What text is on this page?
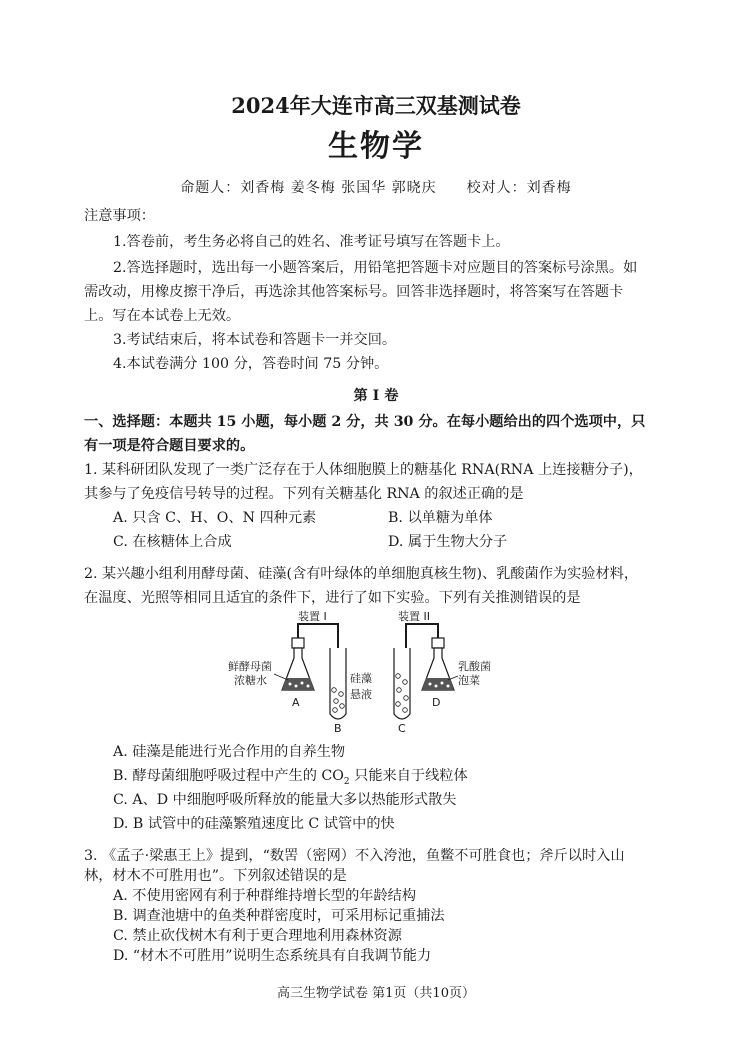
2024年大连市高三双基测试卷
生物学
命题人：刘香梅 姜冬梅 张国华 郭晓庆　　校对人：刘香梅
注意事项：
1.答卷前，考生务必将自己的姓名、准考证号填写在答题卡上。
2.答选择题时，选出每一小题答案后，用铅笔把答题卡对应题目的答案标号涂黑。如
需改动，用橡皮擦干净后，再选涂其他答案标号。回答非选择题时，将答案写在答题卡
上。写在本试卷上无效。
3.考试结束后，将本试卷和答题卡一并交回。
4.本试卷满分 100 分，答卷时间 75 分钟。
第 I 卷
一、选择题：本题共 15 小题，每小题 2 分，共 30 分。在每小题给出的四个选项中，只
有一项是符合题目要求的。
1. 某科研团队发现了一类广泛存在于人体细胞膜上的糖基化 RNA(RNA 上连接糖分子)，
其参与了免疫信号转导的过程。下列有关糖基化 RNA 的叙述正确的是
A. 只含 C、H、O、N 四种元素	B. 以单糖为单体
C. 在核糖体上合成	D. 属于生物大分子
2. 某兴趣小组利用酵母菌、硅藻(含有叶绿体的单细胞真核生物)、乳酸菌作为实验材料，
在温度、光照等相同且适宜的条件下，进行了如下实验。下列有关推测错误的是
装置 I
鲜酵母菌
浓糖水
A
B
硅藻
悬液
装置 II
C
乳酸菌
泡菜
D
A. 硅藻是能进行光合作用的自养生物
B. 酵母菌细胞呼吸过程中产生的 $CO_2$ 只能来自于线粒体
C. A、D 中细胞呼吸所释放的能量大多以热能形式散失
D. B 试管中的硅藻繁殖速度比 C 试管中的快
3. 《孟子·梁惠王上》提到，“数罟（密网）不入洿池，鱼鳖不可胜食也；斧斤以时入山
林，材木不可胜用也”。下列叙述错误的是
A. 不使用密网有利于种群维持增长型的年龄结构
B. 调查池塘中的鱼类种群密度时，可采用标记重捕法
C. 禁止砍伐树木有利于更合理地利用森林资源
D. “材木不可胜用”说明生态系统具有自我调节能力
高三生物学试卷 第1页（共10页）
